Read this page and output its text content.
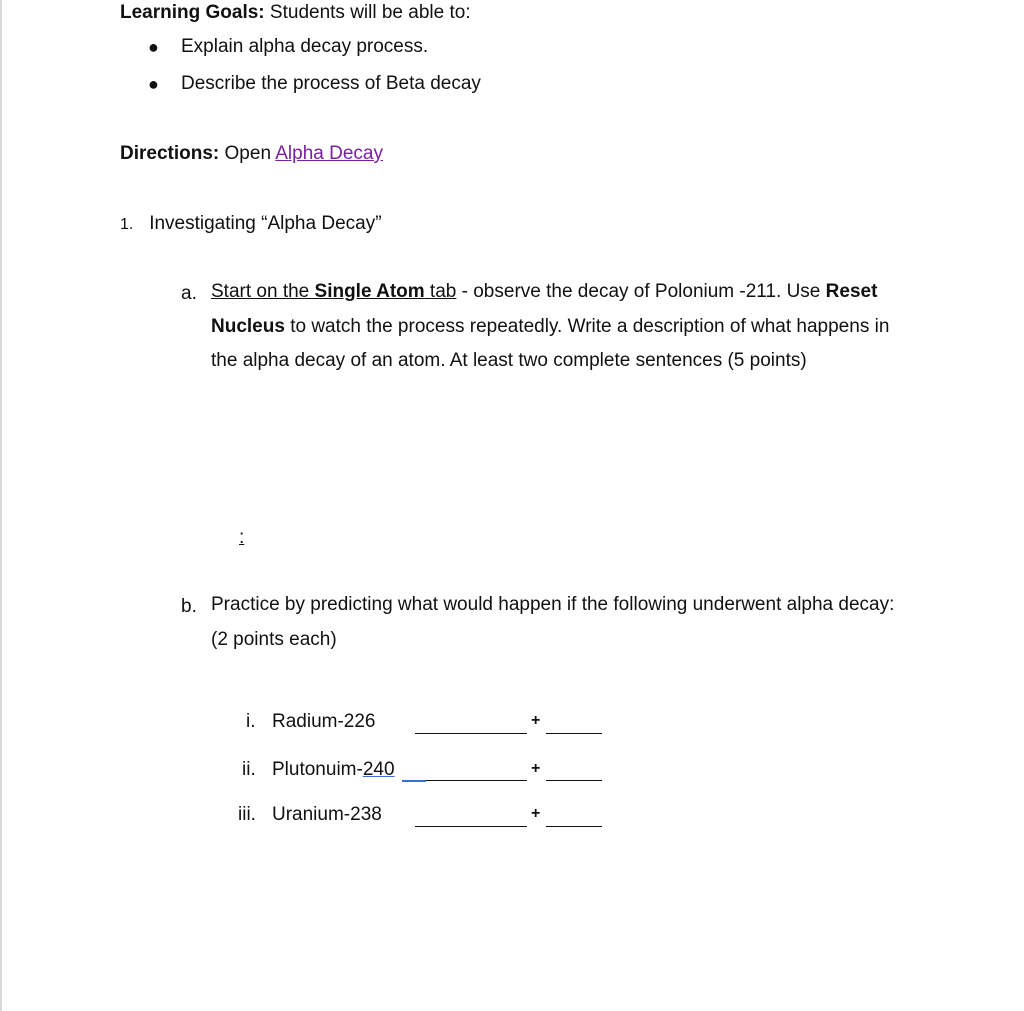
Learning Goals: Students will be able to:
● Explain alpha decay process.
● Describe the process of Beta decay
Directions: Open Alpha Decay
1. Investigating “Alpha Decay”
a. Start on the Single Atom tab - observe the decay of Polonium -211. Use Reset Nucleus to watch the process repeatedly. Write a description of what happens in the alpha decay of an atom. At least two complete sentences (5 points)
:
b. Practice by predicting what would happen if the following underwent alpha decay: (2 points each)
i. Radium-226	+
ii. Plutonuim-240	+
iii. Uranium-238	+
